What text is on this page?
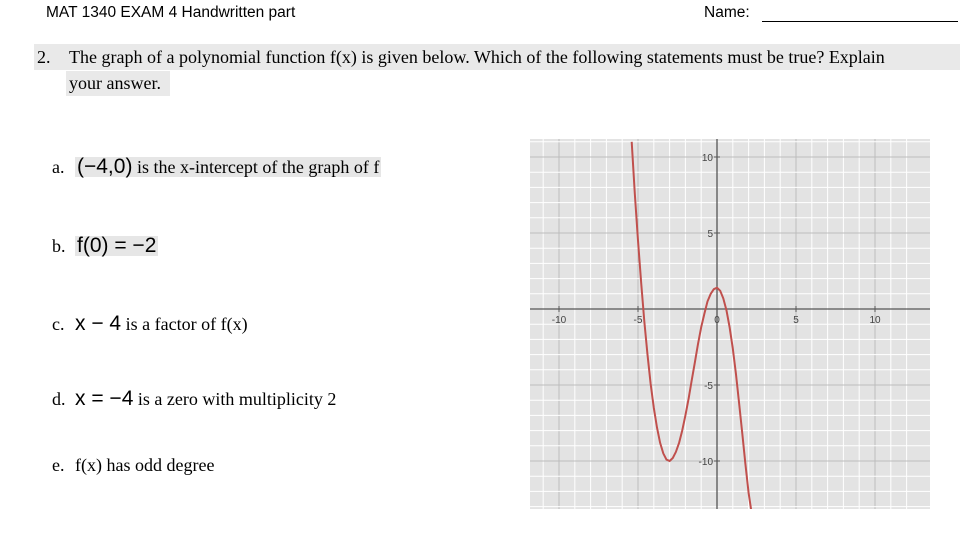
MAT 1340 EXAM 4 Handwritten part	Name:
2. The graph of a polynomial function f(x) is given below. Which of the following statements must be true? Explain
your answer.
a. (−4,0) is the x-intercept of the graph of f
b. f(0) = −2
c. x − 4 is a factor of f(x)
d. x = −4 is a zero with multiplicity 2
e. f(x) has odd degree
-10	-5	0	5	10
10
5
-5
-10
